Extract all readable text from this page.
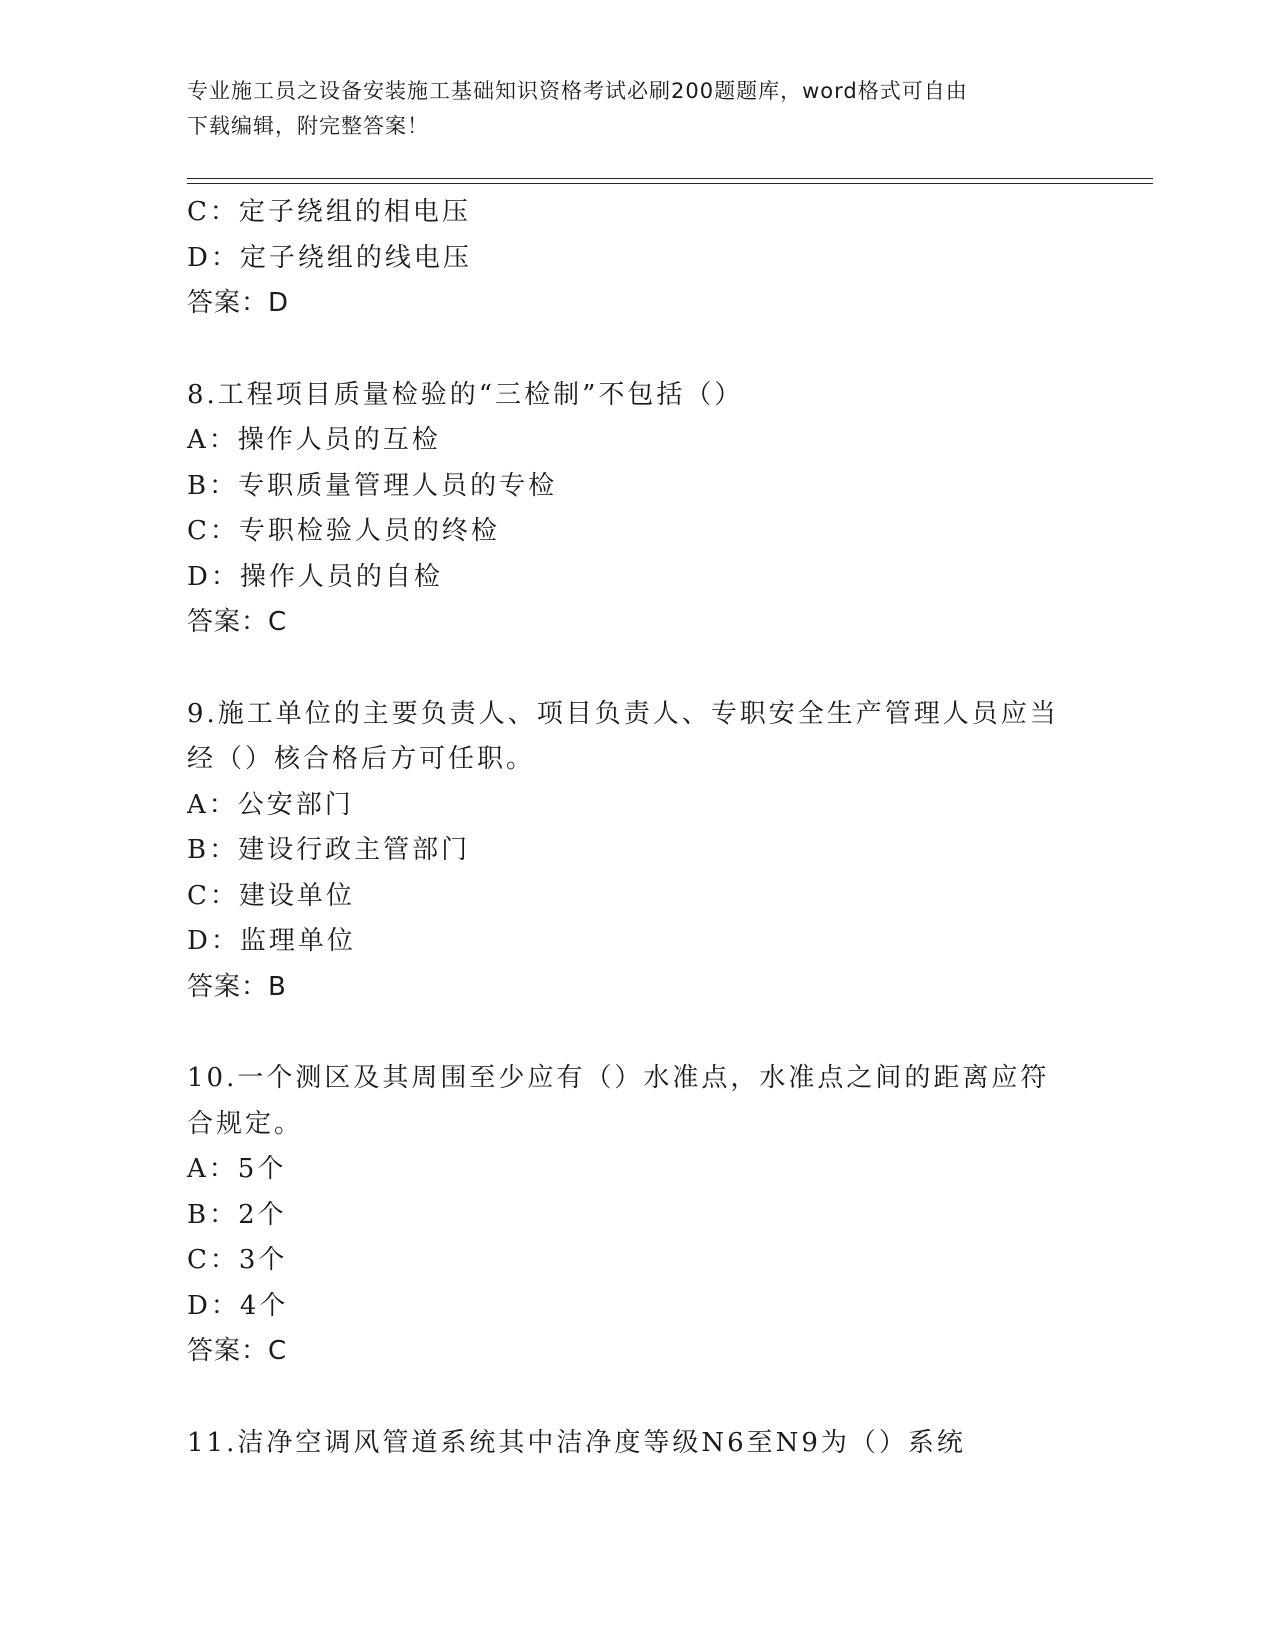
专业施工员之设备安装施工基础知识资格考试必刷200题题库，word格式可自由
下载编辑，附完整答案！
C：定子绕组的相电压
D：定子绕组的线电压
答案：D
8.工程项目质量检验的“三检制”不包括（）
A：操作人员的互检
B：专职质量管理人员的专检
C：专职检验人员的终检
D：操作人员的自检
答案：C
9.施工单位的主要负责人、项目负责人、专职安全生产管理人员应当
经（）核合格后方可任职。
A：公安部门
B：建设行政主管部门
C：建设单位
D：监理单位
答案：B
10.一个测区及其周围至少应有（）水准点，水准点之间的距离应符
合规定。
A：5个
B：2个
C：3个
D：4个
答案：C
11.洁净空调风管道系统其中洁净度等级N6至N9为（）系统
